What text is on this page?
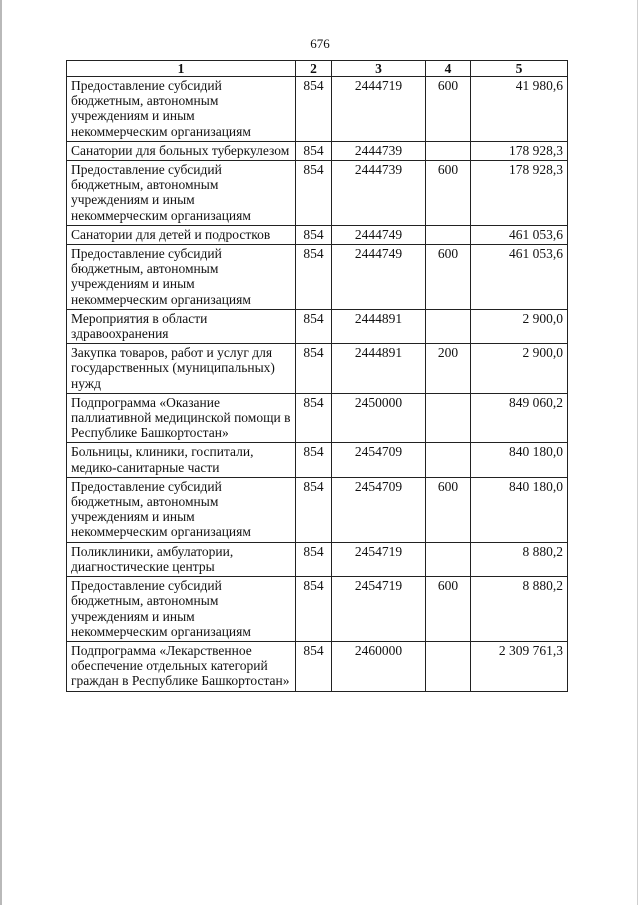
676
1	2	3	4	5
Предоставление субсидий бюджетным, автономным учреждениям и иным некоммерческим организациям	854	2444719	600	41 980,6
Санатории для больных туберкулезом	854	2444739		178 928,3
Предоставление субсидий бюджетным, автономным учреждениям и иным некоммерческим организациям	854	2444739	600	178 928,3
Санатории для детей и подростков	854	2444749		461 053,6
Предоставление субсидий бюджетным, автономным учреждениям и иным некоммерческим организациям	854	2444749	600	461 053,6
Мероприятия в области здравоохранения	854	2444891		2 900,0
Закупка товаров, работ и услуг для государственных (муниципальных) нужд	854	2444891	200	2 900,0
Подпрограмма «Оказание паллиативной медицинской помощи в Республике Башкортостан»	854	2450000		849 060,2
Больницы, клиники, госпитали, медико-санитарные части	854	2454709		840 180,0
Предоставление субсидий бюджетным, автономным учреждениям и иным некоммерческим организациям	854	2454709	600	840 180,0
Поликлиники, амбулатории, диагностические центры	854	2454719		8 880,2
Предоставление субсидий бюджетным, автономным учреждениям и иным некоммерческим организациям	854	2454719	600	8 880,2
Подпрограмма «Лекарственное обеспечение отдельных категорий граждан в Республике Башкортостан»	854	2460000		2 309 761,3
